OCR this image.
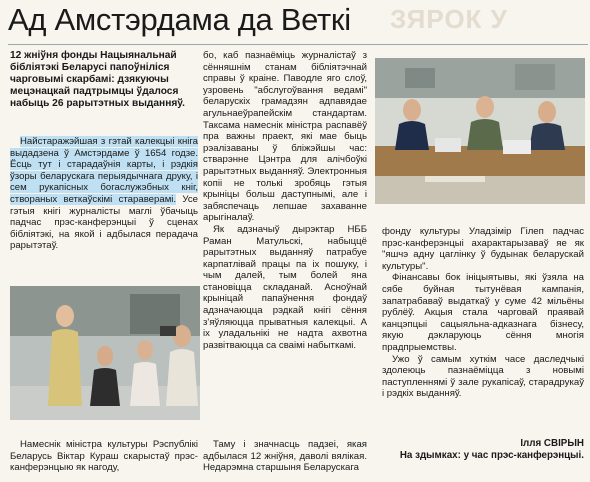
Ад Амстэрдама да Веткі	ЗЯРОК У

12 жніўня фонды Нацыянальнай бібліятэкі Беларусі папоўніліся чарговымі скарбамі: дзякуючы мецэнацкай падтрымцы ўдалося набыць 26 рарытэтных выданняў.

Найстаражэйшая з гэтай калекцыі кніга выдадзена ў Амстэрдаме ў 1654 годзе. Ёсць тут і старадаўнія карты, і рэдкія ўзоры беларускага перыядычнага друку, і сем рукапісных богаслужэбных кніг, створаных веткаўскімі стараверамі. Усе гэтыя кнігі журналісты маглі ўбачыць падчас прэс-канферэнцыі ў сценах бібліятэкі, на якой і адбылася перадача рарытэтаў.

бо, каб пазнаёміць журналістаў з сённяшнім станам бібліятэчнай справы ў краіне. Паводле яго слоў, узровень "абслугоўвання ведамі" беларускіх грамадзян адпавядае агульнаеўрапейскім стандартам. Таксама намеснік міністра распавёў пра важны праект, які мае быць рэалізаваны ў бліжэйшы час: стварэнне Цэнтра для алічбоўкі рарытэтных выданняў. Электронныя копіі не толькі зробяць гэтыя крыніцы больш даступнымі, але і забяспечаць лепшае захаванне арыгіналаў.

Як адзначыў дырэктар НББ Раман Матульскі, набыццё рарытэтных выданняў патрабуе карпатлівай працы па іх пошуку, і чым далей, тым болей яна становіцца складанай. Асноўнай крыніцай папаўнення фондаў адзначаюцца рэдкай кнігі сёння з'яўляюцца прыватныя калекцыі. А іх уладальнікі не надта ахвотна развітваюцца са сваімі набыткамі.

Таму і значнасць падзеі, якая адбылася 12 жніўня, даволі вялікая. Недарэмна старшыня Беларускага

Намеснік міністра культуры Рэспублікі Беларусь Віктар Кураш скарыстаў прэс-канферэнцыю як нагоду,

фонду культуры Уладзімір Гілеп падчас прэс-канферэнцыі ахарактарызаваў яе як "яшчэ адну цаглінку ў будынак беларускай культуры".

Фінансавы бок ініцыятывы, які ўзяла на сябе буйная тытунёвая кампанія, запатрабаваў выдаткаў у суме 42 мільёны рублёў. Акцыя стала чарговай праявай канцэпцыі сацыяльна-адказнага бізнесу, якую дэкларуюць сёння многія прадпрыемствы.

Ужо ў самым хуткім часе даследчыкі здолеюць пазнаёміцца з новымі паступленнямі ў зале рукапісаў, старадрукаў і рэдкіх выданняў.

Ілля СВІРЫН
На здымках: у час прэс-канферэнцыі.
